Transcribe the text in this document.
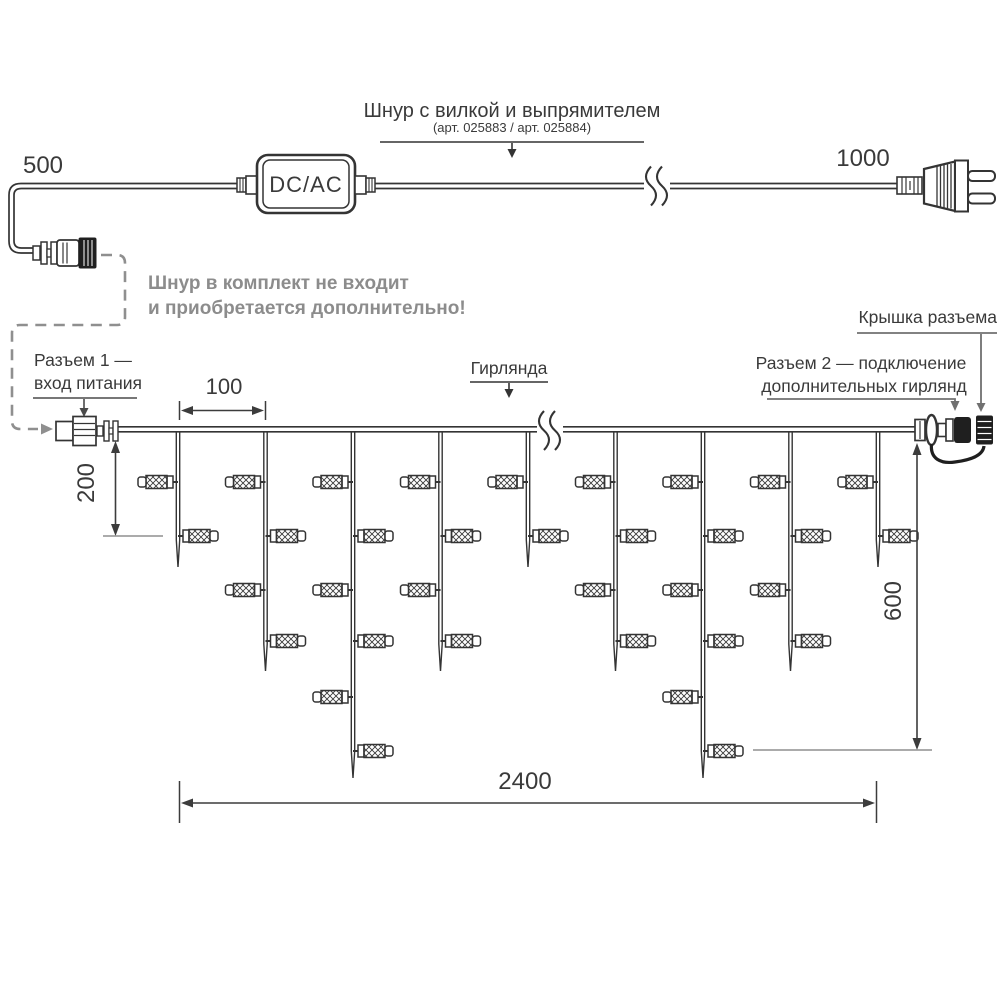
500	1000
DC/AC
Шнур с вилкой и выпрямителем
(арт. 025883 / арт. 025884)
Шнур в комплект не входит
и приобретается дополнительно!
Разъем 1 —
вход питания
Гирлянда	Разъем 2 — подключение
дополнительных гирлянд
Крышка разъема
100
200
600
2400
